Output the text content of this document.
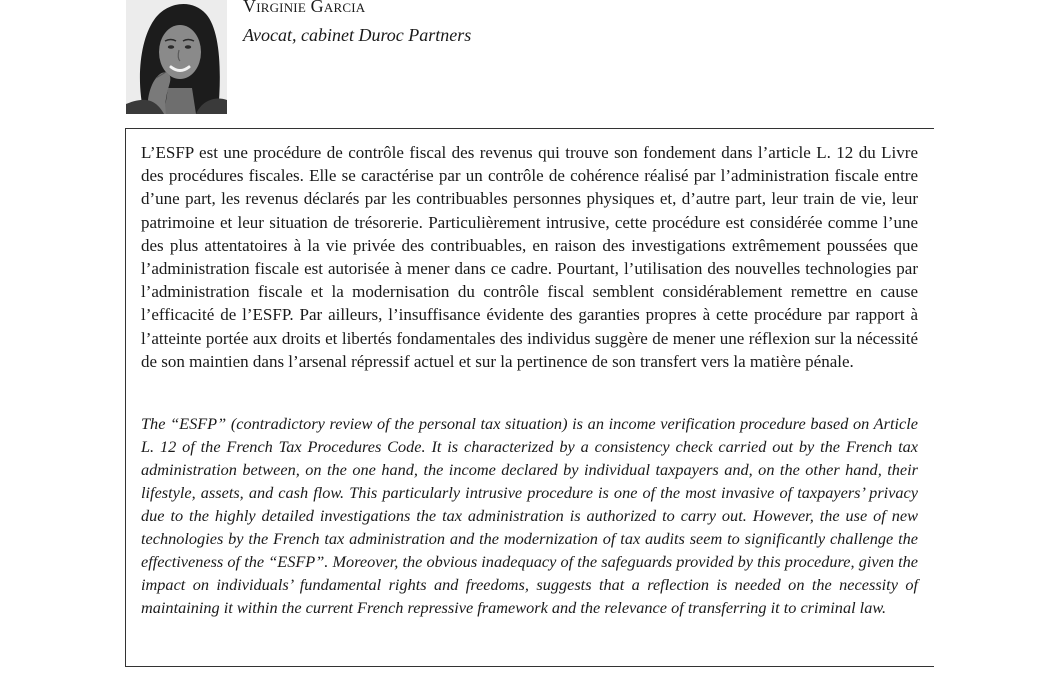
Virginie Garcia
Avocat, cabinet Duroc Partners

L’ESFP est une procédure de contrôle fiscal des revenus qui trouve son fondement dans l’article L. 12 du Livre des procédures fiscales. Elle se caractérise par un contrôle de cohérence réalisé par l’administration fiscale entre d’une part, les revenus déclarés par les contribuables personnes physiques et, d’autre part, leur train de vie, leur patrimoine et leur situation de trésorerie. Particulièrement intrusive, cette procédure est considérée comme l’une des plus attentatoires à la vie privée des contribuables, en raison des investigations extrêmement poussées que l’administration fiscale est autorisée à mener dans ce cadre. Pourtant, l’utilisation des nouvelles technologies par l’administration fiscale et la modernisation du contrôle fiscal semblent considérablement remettre en cause l’efficacité de l’ESFP. Par ailleurs, l’insuffisance évidente des garanties propres à cette procédure par rapport à l’atteinte portée aux droits et libertés fondamentales des individus suggère de mener une réflexion sur la nécessité de son maintien dans l’arsenal répressif actuel et sur la pertinence de son transfert vers la matière pénale.

The “ESFP” (contradictory review of the personal tax situation) is an income verification procedure based on Article L. 12 of the French Tax Procedures Code. It is characterized by a consistency check carried out by the French tax administration between, on the one hand, the income declared by individual taxpayers and, on the other hand, their lifestyle, assets, and cash flow. This particularly intrusive procedure is one of the most invasive of taxpayers’ privacy due to the highly detailed investigations the tax administration is authorized to carry out. However, the use of new technologies by the French tax administration and the modernization of tax audits seem to significantly challenge the effectiveness of the “ESFP”. Moreover, the obvious inadequacy of the safeguards provided by this procedure, given the impact on individuals’ fundamental rights and freedoms, suggests that a reflection is needed on the necessity of maintaining it within the current French repressive framework and the relevance of transferring it to criminal law.
